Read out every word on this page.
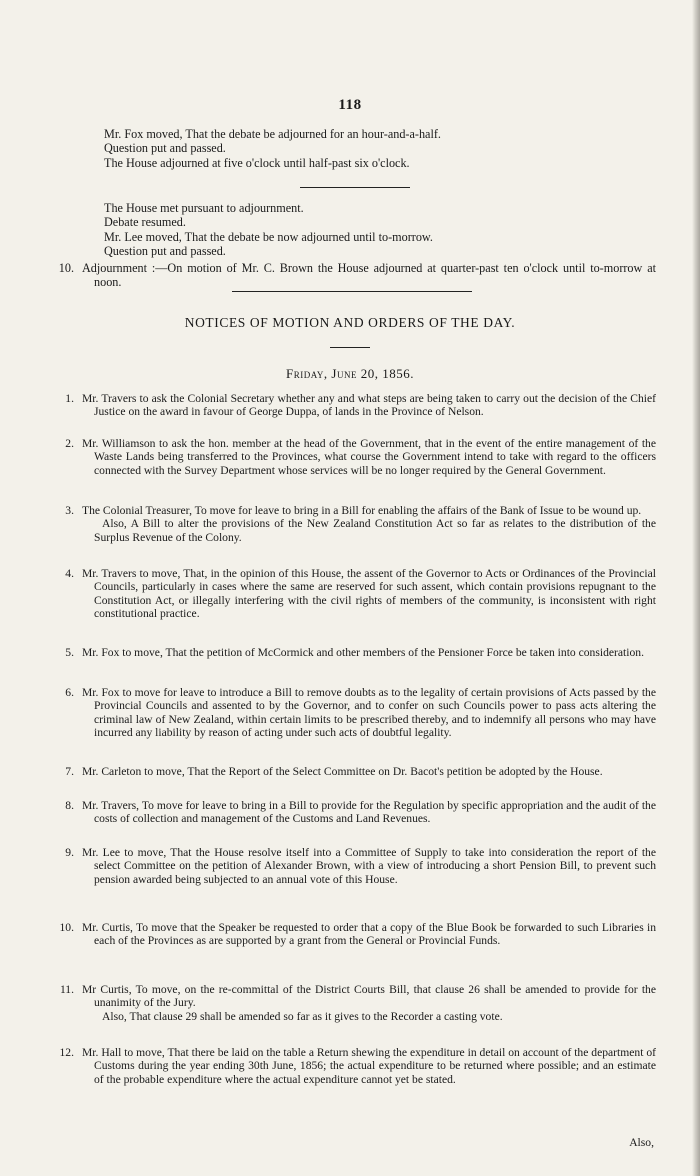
118

Mr. Fox moved, That the debate be adjourned for an hour-and-a-half.

Question put and passed.

The House adjourned at five o'clock until half-past six o'clock.

The House met pursuant to adjournment.

Debate resumed.

Mr. Lee moved, That the debate be now adjourned until to-morrow.

Question put and passed.

10. Adjournment :—On motion of Mr. C. Brown the House adjourned at quarter-past ten o'clock until to-morrow at noon.

NOTICES OF MOTION AND ORDERS OF THE DAY.
Friday, June 20, 1856.
1. Mr. Travers to ask the Colonial Secretary whether any and what steps are being taken to carry out the decision of the Chief Justice on the award in favour of George Duppa, of lands in the Province of Nelson.

2. Mr. Williamson to ask the hon. member at the head of the Government, that in the event of the entire management of the Waste Lands being transferred to the Provinces, what course the Government intend to take with regard to the officers connected with the Survey Department whose services will be no longer required by the General Government.

3. The Colonial Treasurer, To move for leave to bring in a Bill for enabling the affairs of the Bank of Issue to be wound up.

Also, A Bill to alter the provisions of the New Zealand Constitution Act so far as relates to the distribution of the Surplus Revenue of the Colony.

4. Mr. Travers to move, That, in the opinion of this House, the assent of the Governor to Acts or Ordinances of the Provincial Councils, particularly in cases where the same are reserved for such assent, which contain provisions repugnant to the Constitution Act, or illegally interfering with the civil rights of members of the community, is inconsistent with right constitutional practice.

5. Mr. Fox to move, That the petition of McCormick and other members of the Pensioner Force be taken into consideration.

6. Mr. Fox to move for leave to introduce a Bill to remove doubts as to the legality of certain provisions of Acts passed by the Provincial Councils and assented to by the Governor, and to confer on such Councils power to pass acts altering the criminal law of New Zealand, within certain limits to be prescribed thereby, and to indemnify all persons who may have incurred any liability by reason of acting under such acts of doubtful legality.

7. Mr. Carleton to move, That the Report of the Select Committee on Dr. Bacot's petition be adopted by the House.

8. Mr. Travers, To move for leave to bring in a Bill to provide for the Regulation by specific appropriation and the audit of the costs of collection and management of the Customs and Land Revenues.

9. Mr. Lee to move, That the House resolve itself into a Committee of Supply to take into consideration the report of the select Committee on the petition of Alexander Brown, with a view of introducing a short Pension Bill, to prevent such pension awarded being subjected to an annual vote of this House.

10. Mr. Curtis, To move that the Speaker be requested to order that a copy of the Blue Book be forwarded to such Libraries in each of the Provinces as are supported by a grant from the General or Provincial Funds.

11. Mr Curtis, To move, on the re-committal of the District Courts Bill, that clause 26 shall be amended to provide for the unanimity of the Jury.

Also, That clause 29 shall be amended so far as it gives to the Recorder a casting vote.

12. Mr. Hall to move, That there be laid on the table a Return shewing the expenditure in detail on account of the department of Customs during the year ending 30th June, 1856; the actual expenditure to be returned where possible; and an estimate of the probable expenditure where the actual expenditure cannot yet be stated.

Also,
